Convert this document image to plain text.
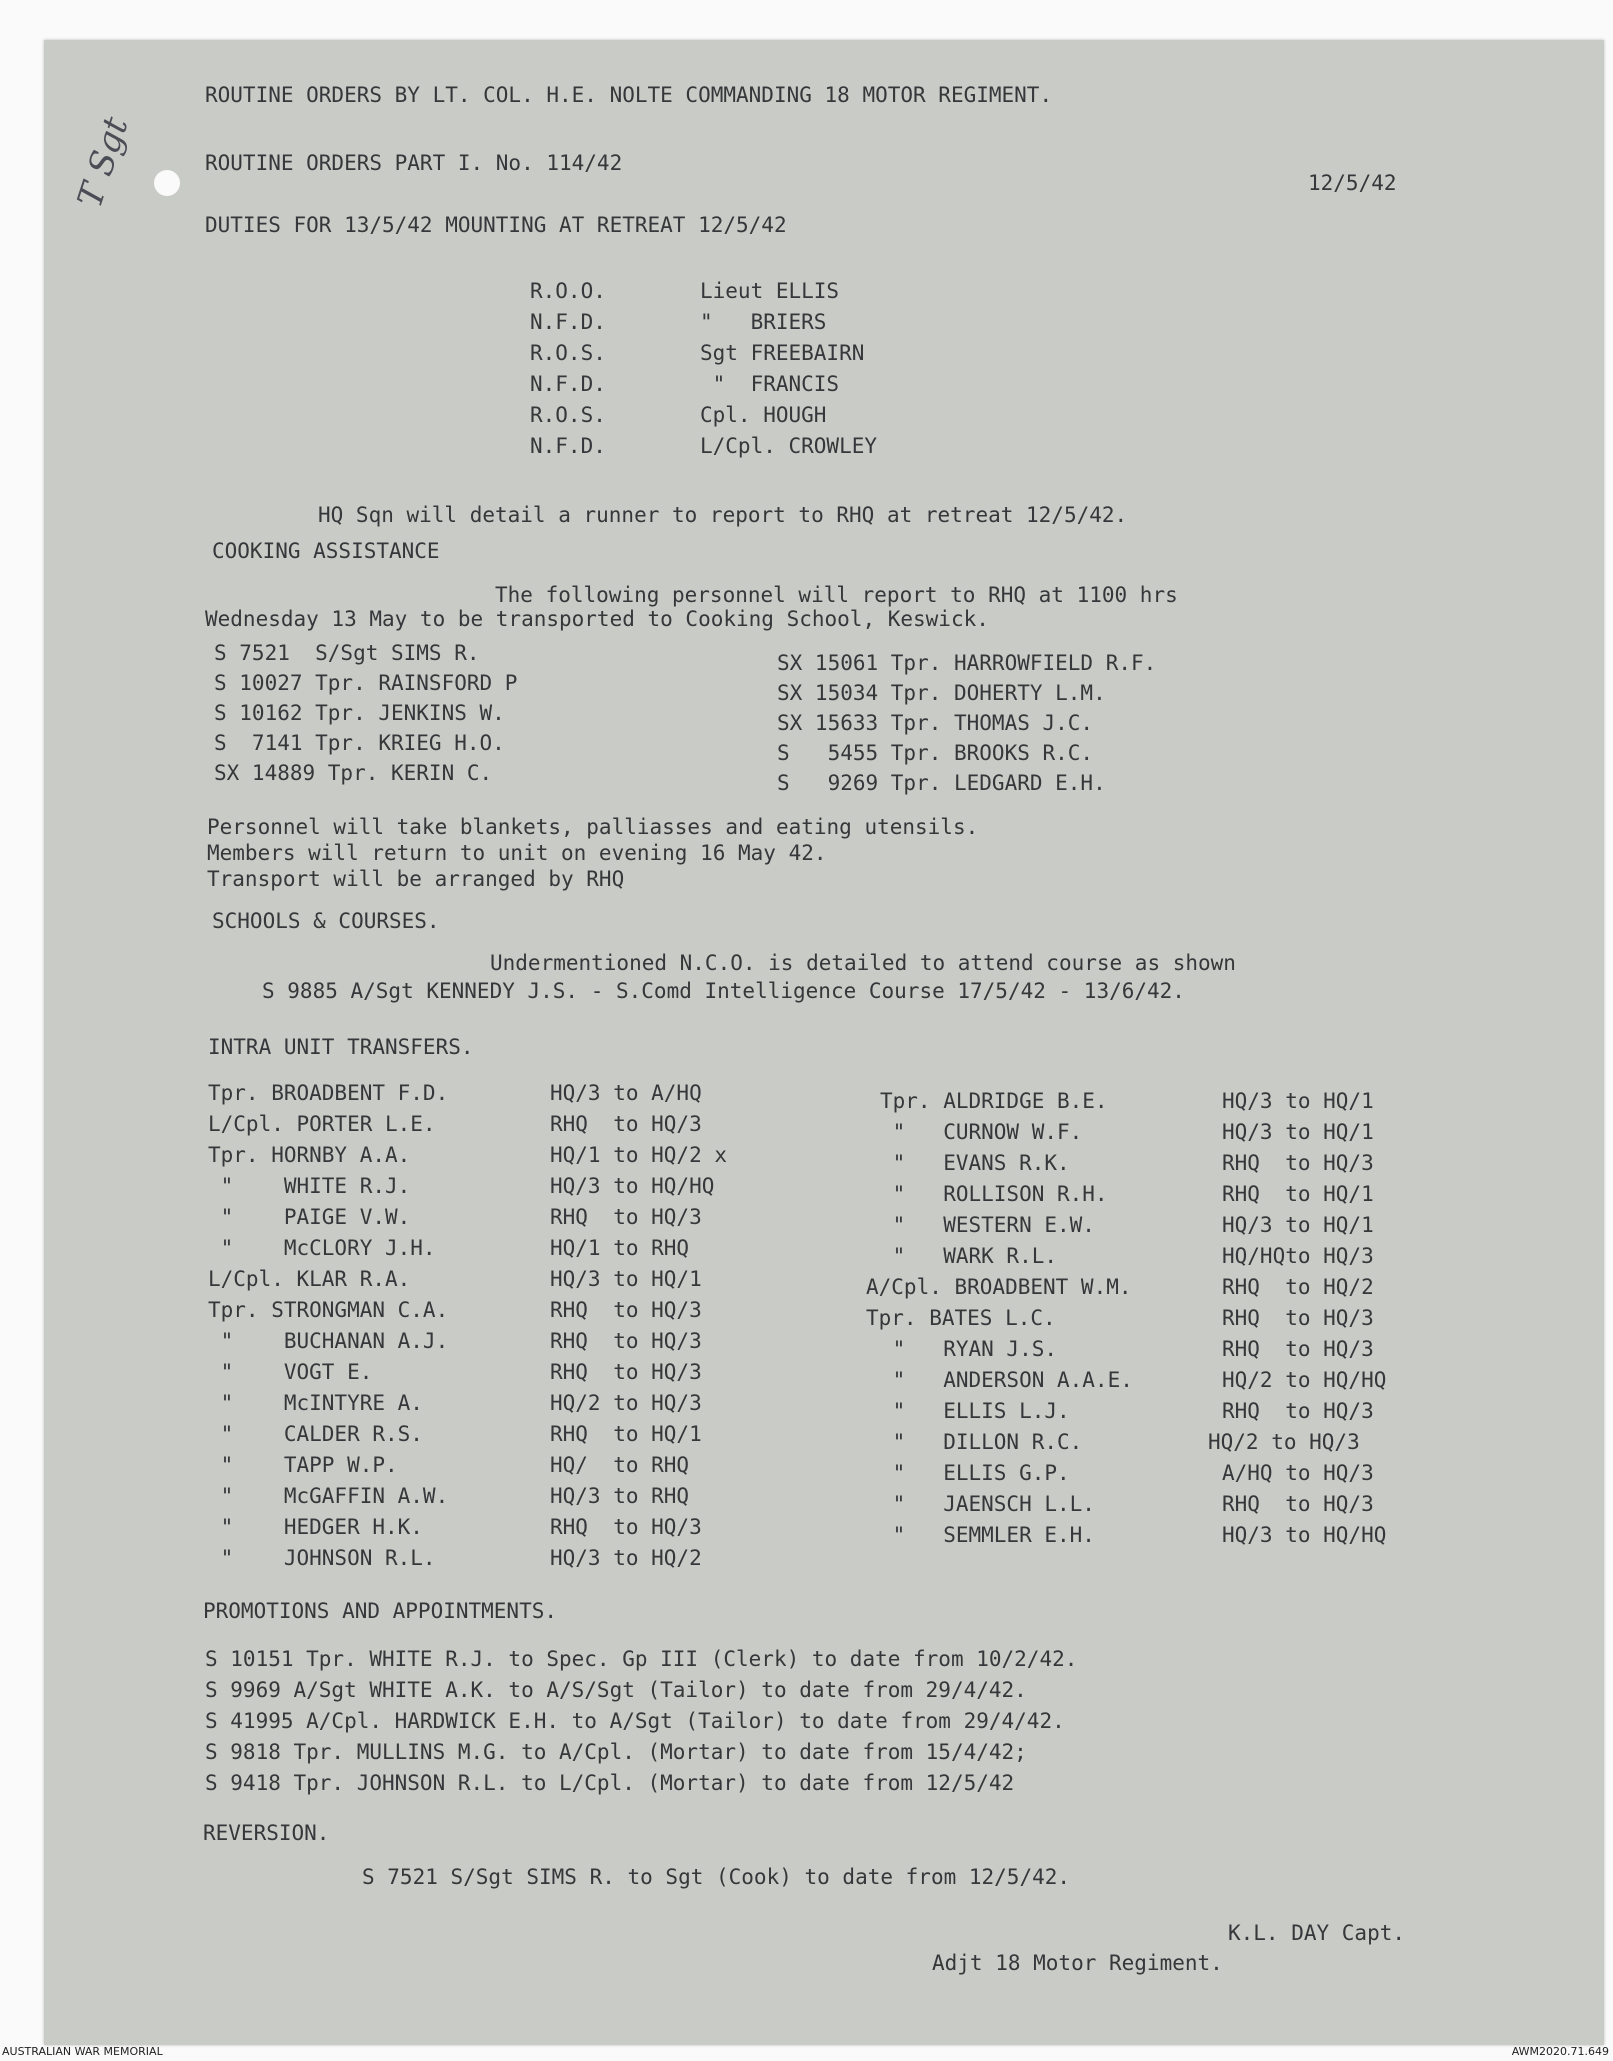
T Sgt
ROUTINE ORDERS BY LT. COL. H.E. NOLTE COMMANDING 18 MOTOR REGIMENT.
ROUTINE ORDERS PART I. No. 114/42
12/5/42
DUTIES FOR 13/5/42 MOUNTING AT RETREAT 12/5/42
R.O.O.	Lieut ELLIS
N.F.D.	"   BRIERS
R.O.S.	Sgt FREEBAIRN
N.F.D.	"  FRANCIS
R.O.S.	Cpl. HOUGH
N.F.D.	L/Cpl. CROWLEY
HQ Sqn will detail a runner to report to RHQ at retreat 12/5/42.
COOKING ASSISTANCE
The following personnel will report to RHQ at 1100 hrs
Wednesday 13 May to be transported to Cooking School, Keswick.
S 7521  S/Sgt SIMS R.
S 10027 Tpr. RAINSFORD P
S 10162 Tpr. JENKINS W.
S  7141 Tpr. KRIEG H.O.
SX 14889 Tpr. KERIN C.
SX 15061 Tpr. HARROWFIELD R.F.
SX 15034 Tpr. DOHERTY L.M.
SX 15633 Tpr. THOMAS J.C.
S   5455 Tpr. BROOKS R.C.
S   9269 Tpr. LEDGARD E.H.
Personnel will take blankets, palliasses and eating utensils.
Members will return to unit on evening 16 May 42.
Transport will be arranged by RHQ
SCHOOLS & COURSES.
Undermentioned N.C.O. is detailed to attend course as shown
S 9885 A/Sgt KENNEDY J.S. - S.Comd Intelligence Course 17/5/42 - 13/6/42.
INTRA UNIT TRANSFERS.
Tpr. BROADBENT F.D.	HQ/3 to A/HQ
L/Cpl. PORTER L.E.	RHQ  to HQ/3
Tpr. HORNBY A.A.	HQ/1 to HQ/2 x
"    WHITE R.J.	HQ/3 to HQ/HQ
"    PAIGE V.W.	RHQ  to HQ/3
"    McCLORY J.H.	HQ/1 to RHQ
L/Cpl. KLAR R.A.	HQ/3 to HQ/1
Tpr. STRONGMAN C.A.	RHQ  to HQ/3
"    BUCHANAN A.J.	RHQ  to HQ/3
"    VOGT E.	RHQ  to HQ/3
"    McINTYRE A.	HQ/2 to HQ/3
"    CALDER R.S.	RHQ  to HQ/1
"    TAPP W.P.	HQ/  to RHQ
"    McGAFFIN A.W.	HQ/3 to RHQ
"    HEDGER H.K.	RHQ  to HQ/3
"    JOHNSON R.L.	HQ/3 to HQ/2
Tpr. ALDRIDGE B.E.	HQ/3 to HQ/1
"   CURNOW W.F.	HQ/3 to HQ/1
"   EVANS R.K.	RHQ  to HQ/3
"   ROLLISON R.H.	RHQ  to HQ/1
"   WESTERN E.W.	HQ/3 to HQ/1
"   WARK R.L.	HQ/HQto HQ/3
A/Cpl. BROADBENT W.M.	RHQ  to HQ/2
Tpr. BATES L.C.	RHQ  to HQ/3
"   RYAN J.S.	RHQ  to HQ/3
"   ANDERSON A.A.E.	HQ/2 to HQ/HQ
"   ELLIS L.J.	RHQ  to HQ/3
"   DILLON R.C.	HQ/2 to HQ/3
"   ELLIS G.P.	A/HQ to HQ/3
"   JAENSCH L.L.	RHQ  to HQ/3
"   SEMMLER E.H.	HQ/3 to HQ/HQ
PROMOTIONS AND APPOINTMENTS.
S 10151 Tpr. WHITE R.J. to Spec. Gp III (Clerk) to date from 10/2/42.
S 9969 A/Sgt WHITE A.K. to A/S/Sgt (Tailor) to date from 29/4/42.
S 41995 A/Cpl. HARDWICK E.H. to A/Sgt (Tailor) to date from 29/4/42.
S 9818 Tpr. MULLINS M.G. to A/Cpl. (Mortar) to date from 15/4/42;
S 9418 Tpr. JOHNSON R.L. to L/Cpl. (Mortar) to date from 12/5/42
REVERSION.
S 7521 S/Sgt SIMS R. to Sgt (Cook) to date from 12/5/42.
K.L. DAY Capt.
Adjt 18 Motor Regiment.
AUSTRALIAN WAR MEMORIAL	AWM2020.71.649
